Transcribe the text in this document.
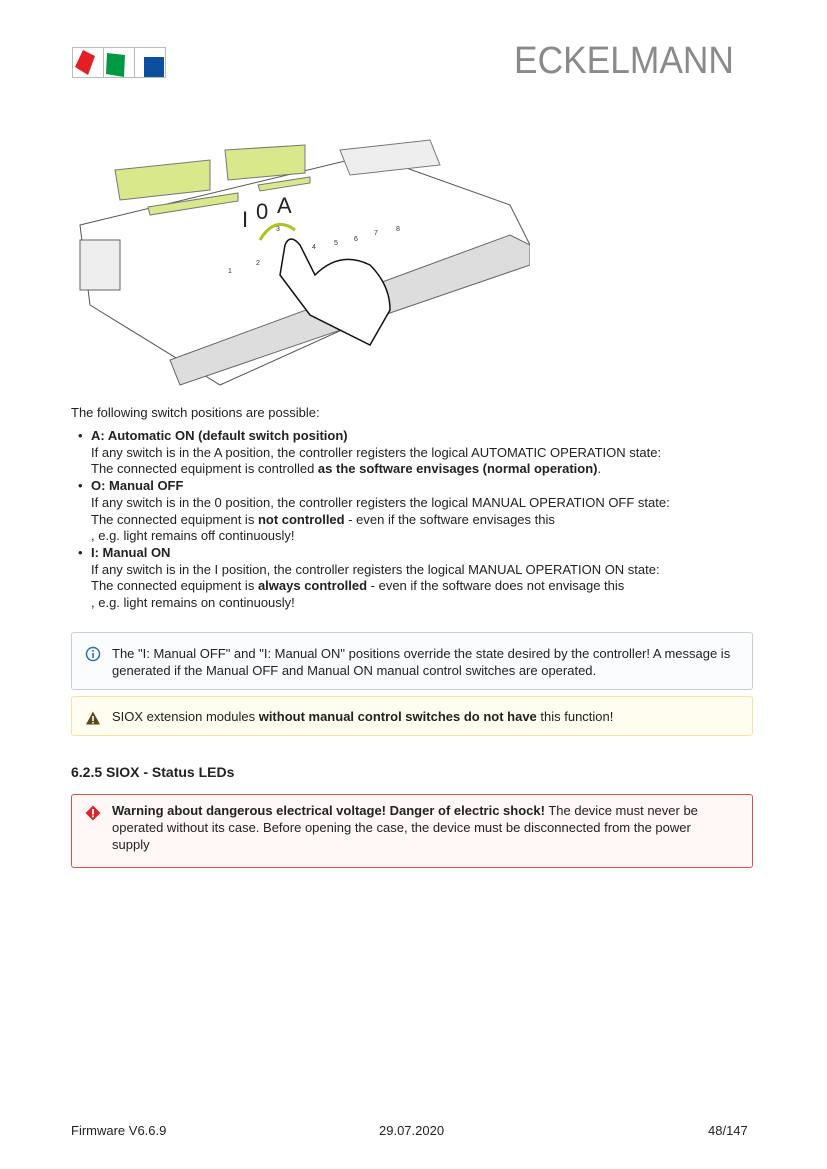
ECKELMANN
I 0 A
1
2
3
4
5
6
7
8
The following switch positions are possible:
• A: Automatic ON (default switch position)
If any switch is in the A position, the controller registers the logical AUTOMATIC OPERATION state:
The connected equipment is controlled as the software envisages (normal operation).
• O: Manual OFF
If any switch is in the 0 position, the controller registers the logical MANUAL OPERATION OFF state:
The connected equipment is not controlled - even if the software envisages this
, e.g. light remains off continuously!
• I: Manual ON
If any switch is in the I position, the controller registers the logical MANUAL OPERATION ON state:
The connected equipment is always controlled - even if the software does not envisage this
, e.g. light remains on continuously!
The "I: Manual OFF" and "I: Manual ON" positions override the state desired by the controller! A message is generated if the Manual OFF and Manual ON manual control switches are operated.
SIOX extension modules without manual control switches do not have this function!
6.2.5 SIOX - Status LEDs
Warning about dangerous electrical voltage! Danger of electric shock! The device must never be operated without its case. Before opening the case, the device must be disconnected from the power supply
Firmware V6.6.9	29.07.2020	48/147
